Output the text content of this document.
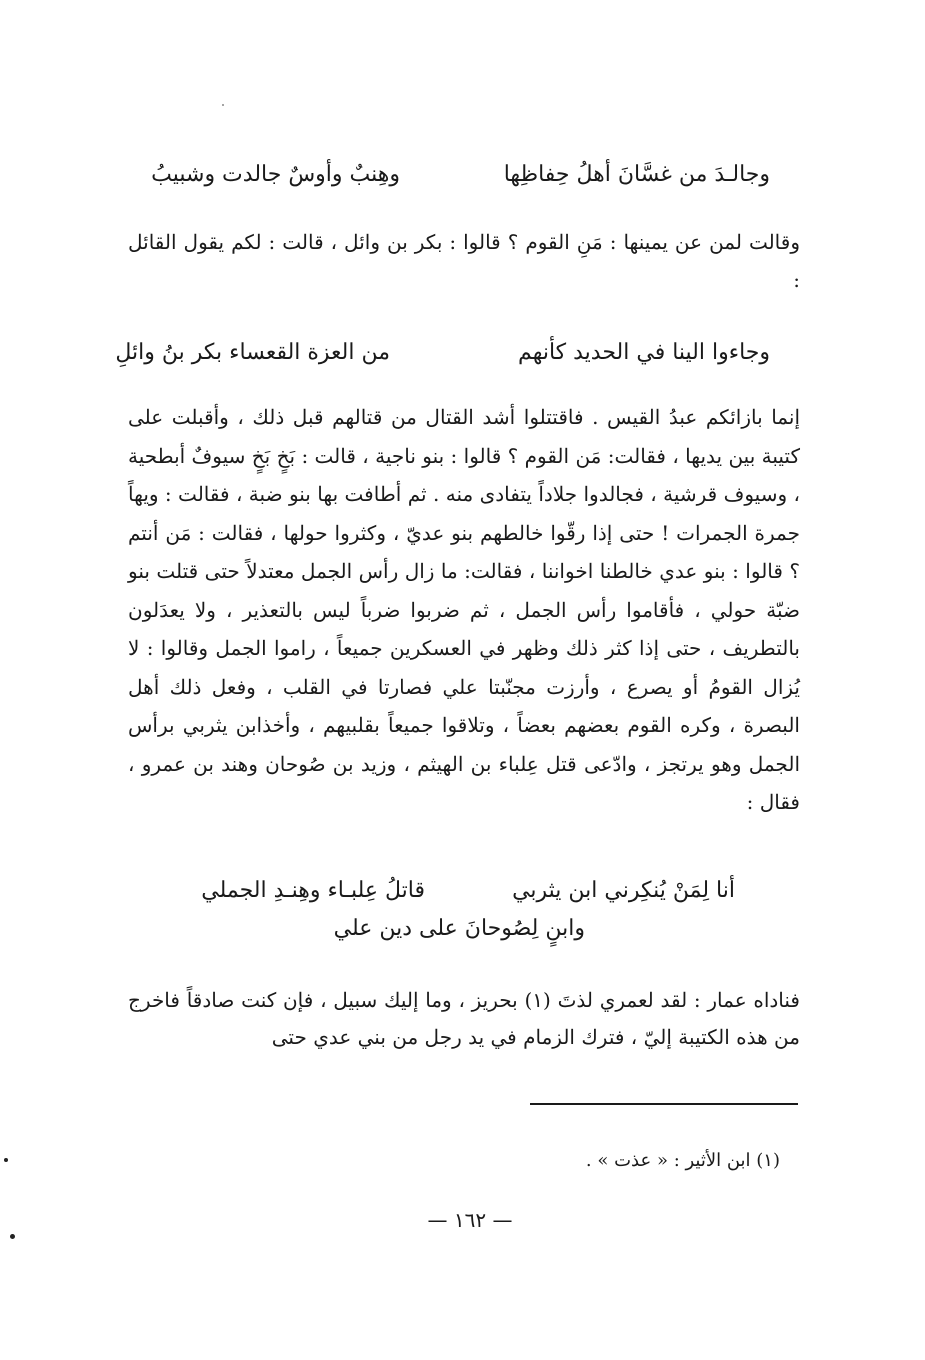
وجالـدَ من غسَّانَ أهلُ حِفاظِها
وهِنبٌ وأوسٌ جالدت وشبيبُ

وقالت لمن عن يمينها : مَنِ القوم ؟ قالوا : بكر بن وائل ، قالت : لكم يقول القائل :

وجاءوا الينا في الحديد كأنهم
من العزة القعساء بكر بنُ وائلِ

إنما بازائكم عبدُ القيس . فاقتتلوا أشد القتال من قتالهم قبل ذلك ، وأقبلت على كتيبة بين يديها ، فقالت: مَن القوم ؟ قالوا : بنو ناجية ، قالت : بَخٍ بَخٍ سيوفٌ أبطحية ، وسيوف قرشية ، فجالدوا جلاداً يتفادى منه . ثم أطافت بها بنو ضبة ، فقالت : ويهاً جمرة الجمرات ! حتى إذا رقّوا خالطهم بنو عديّ ، وكثروا حولها ، فقالت : مَن أنتم ؟ قالوا : بنو عدي خالطنا اخواننا ، فقالت: ما زال رأس الجمل معتدلاً حتى قتلت بنو ضبّة حولي ، فأقاموا رأس الجمل ، ثم ضربوا ضرباً ليس بالتعذير ، ولا يعدَلون بالتطريف ، حتى إذا كثر ذلك وظهر في العسكرين جميعاً ، راموا الجمل وقالوا : لا يُزال القومُ أو يصرع ، وأرزت مجنّبتا علي فصارتا في القلب ، وفعل ذلك أهل البصرة ، وكره القوم بعضهم بعضاً ، وتلاقوا جميعاً بقلبيهم ، وأخذابن يثربي برأس الجمل وهو يرتجز ، وادّعى قتل عِلباء بن الهيثم ، وزيد بن صُوحان وهند بن عمرو ، فقال :

أنا لِمَنْ يُنكِرني ابن يثربي
قاتلُ عِلبـاء وهِنـدِ الجملي
وابنٍ لِصُوحانَ على دين علي

فناداه عمار : لقد لعمري لذتَ (١) بحريز ، وما إليك سبيل ، فإن كنت صادقاً فاخرج من هذه الكتيبة إليّ ، فترك الزمام في يد رجل من بني عدي حتى

(١) ابن الأثير : « عذت » .
— ١٦٢ —
